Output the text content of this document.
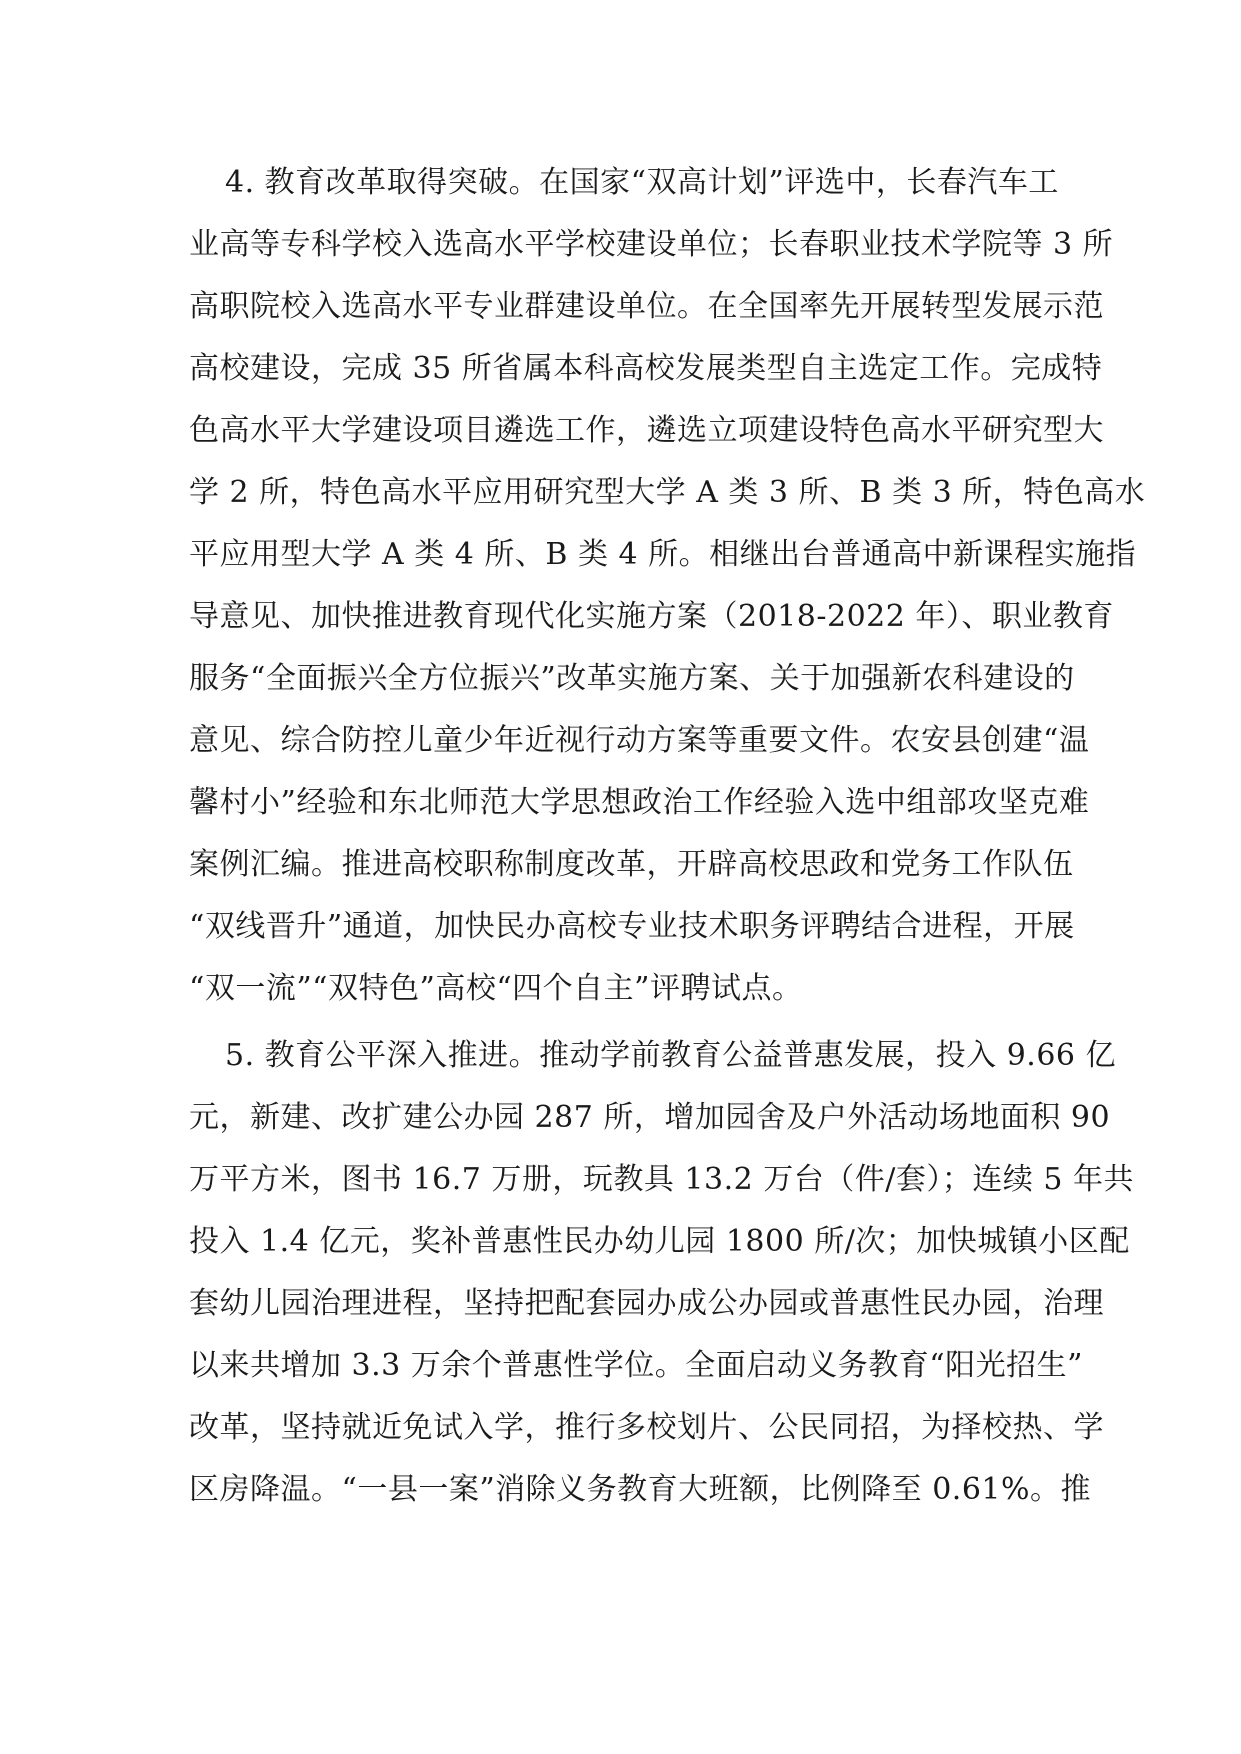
4. 教育改革取得突破。在国家“双高计划”评选中，长春汽车工
业高等专科学校入选高水平学校建设单位；长春职业技术学院等 3 所
高职院校入选高水平专业群建设单位。在全国率先开展转型发展示范
高校建设，完成 35 所省属本科高校发展类型自主选定工作。完成特
色高水平大学建设项目遴选工作，遴选立项建设特色高水平研究型大
学 2 所，特色高水平应用研究型大学 A 类 3 所、B 类 3 所，特色高水
平应用型大学 A 类 4 所、B 类 4 所。相继出台普通高中新课程实施指
导意见、加快推进教育现代化实施方案（2018-2022 年）、职业教育
服务“全面振兴全方位振兴”改革实施方案、关于加强新农科建设的
意见、综合防控儿童少年近视行动方案等重要文件。农安县创建“温
馨村小”经验和东北师范大学思想政治工作经验入选中组部攻坚克难
案例汇编。推进高校职称制度改革，开辟高校思政和党务工作队伍
“双线晋升”通道，加快民办高校专业技术职务评聘结合进程，开展
“双一流”“双特色”高校“四个自主”评聘试点。

5. 教育公平深入推进。推动学前教育公益普惠发展，投入 9.66 亿
元，新建、改扩建公办园 287 所，增加园舍及户外活动场地面积 90
万平方米，图书 16.7 万册，玩教具 13.2 万台（件/套）；连续 5 年共
投入 1.4 亿元，奖补普惠性民办幼儿园 1800 所/次；加快城镇小区配
套幼儿园治理进程，坚持把配套园办成公办园或普惠性民办园，治理
以来共增加 3.3 万余个普惠性学位。全面启动义务教育“阳光招生”
改革，坚持就近免试入学，推行多校划片、公民同招，为择校热、学
区房降温。“一县一案”消除义务教育大班额，比例降至 0.61%。推
